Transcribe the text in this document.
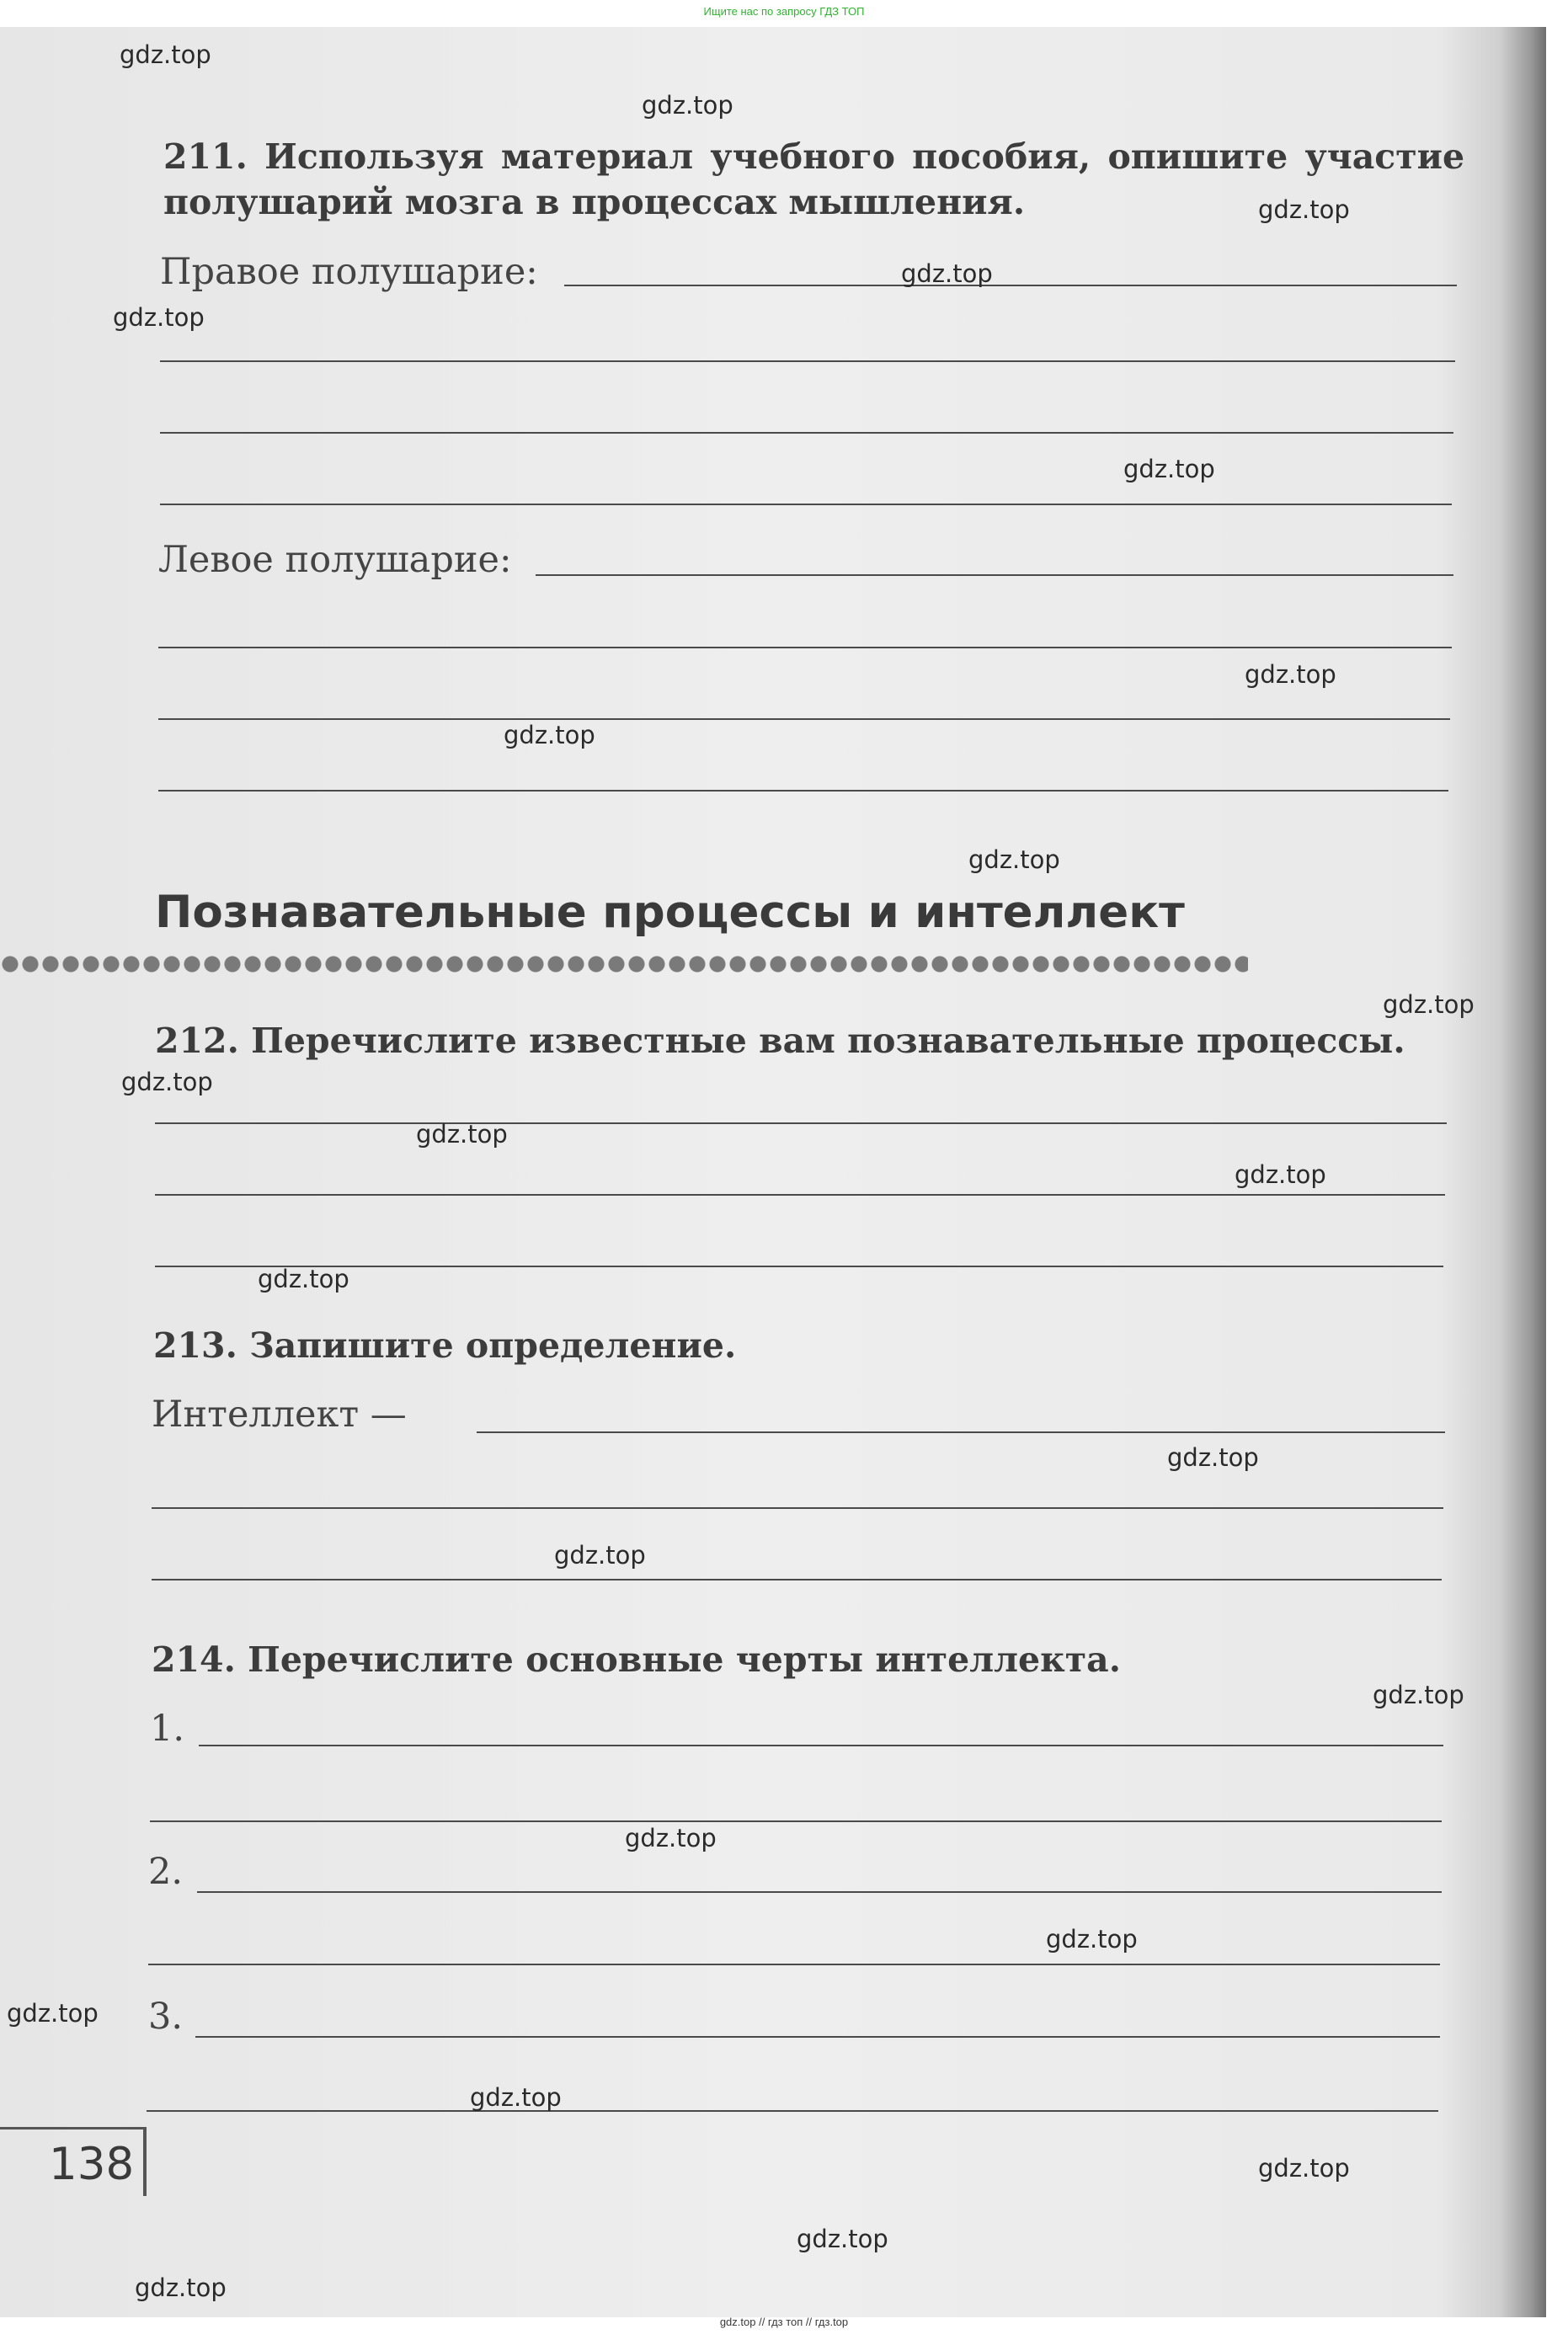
Ищите нас по запросу ГДЗ ТОП
211. Используя материал учебного пособия, опишите участие
полушарий мозга в процессах мышления.
Правое полушарие:
Левое полушарие:
Познавательные процессы и интеллект
212. Перечислите известные вам познавательные процессы.
213. Запишите определение.
Интеллект —
214. Перечислите основные черты интеллекта.
1.
2.
3.
138
gdz.top
gdz.top
gdz.top
gdz.top
gdz.top
gdz.top
gdz.top
gdz.top
gdz.top
gdz.top
gdz.top
gdz.top
gdz.top
gdz.top
gdz.top
gdz.top
gdz.top
gdz.top
gdz.top
gdz.top
gdz.top
gdz.top
gdz.top
gdz.top
gdz.top // гдз топ // гдз.top
